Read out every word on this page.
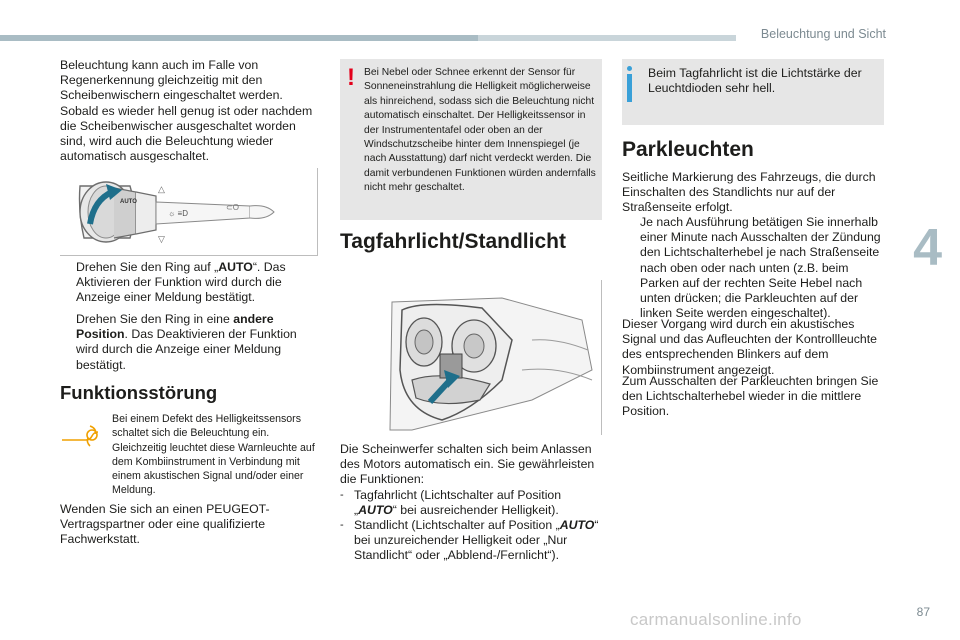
Beleuchtung und Sicht
4
87
carmanualsonline.info
Beleuchtung kann auch im Falle von Regenerkennung gleichzeitig mit den Scheibenwischern eingeschaltet werden. Sobald es wieder hell genug ist oder nachdem die Scheibenwischer ausgeschaltet worden sind, wird auch die Beleuchtung wieder automatisch ausgeschaltet.
☼ ≡D
⊂O
△
▽
AUTO
Drehen Sie den Ring auf „AUTO“. Das Aktivieren der Funktion wird durch die Anzeige einer Meldung bestätigt.
Drehen Sie den Ring in eine andere Position. Das Deaktivieren der Funktion wird durch die Anzeige einer Meldung bestätigt.
Funktionsstörung
Bei einem Defekt des Helligkeitssensors schaltet sich die Beleuchtung ein. Gleichzeitig leuchtet diese Warnleuchte auf dem Kombiinstrument in Verbindung mit einem akustischen Signal und/oder einer Meldung.
Wenden Sie sich an einen PEUGEOT-Vertragspartner oder eine qualifizierte Fachwerkstatt.
! Bei Nebel oder Schnee erkennt der Sensor für Sonneneinstrahlung die Helligkeit möglicherweise als hinreichend, sodass sich die Beleuchtung nicht automatisch einschaltet. Der Helligkeitssensor in der Instrumententafel oder oben an der Windschutzscheibe hinter dem Innenspiegel (je nach Ausstattung) darf nicht verdeckt werden. Die damit verbundenen Funktionen würden andernfalls nicht mehr geschaltet.
Tagfahrlicht/Standlicht
Die Scheinwerfer schalten sich beim Anlassen des Motors automatisch ein. Sie gewährleisten die Funktionen:
- Tagfahrlicht (Lichtschalter auf Position „AUTO“ bei ausreichender Helligkeit).
- Standlicht (Lichtschalter auf Position „AUTO“ bei unzureichender Helligkeit oder „Nur Standlicht“ oder „Abblend-/Fernlicht“).
Beim Tagfahrlicht ist die Lichtstärke der Leuchtdioden sehr hell.
Parkleuchten
Seitliche Markierung des Fahrzeugs, die durch Einschalten des Standlichts nur auf der Straßenseite erfolgt.
Je nach Ausführung betätigen Sie innerhalb einer Minute nach Ausschalten der Zündung den Lichtschalterhebel je nach Straßenseite nach oben oder nach unten (z.B. beim Parken auf der rechten Seite Hebel nach unten drücken; die Parkleuchten auf der linken Seite werden eingeschaltet).
Dieser Vorgang wird durch ein akustisches Signal und das Aufleuchten der Kontrollleuchte des entsprechenden Blinkers auf dem Kombiinstrument angezeigt.
Zum Ausschalten der Parkleuchten bringen Sie den Lichtschalterhebel wieder in die mittlere Position.
